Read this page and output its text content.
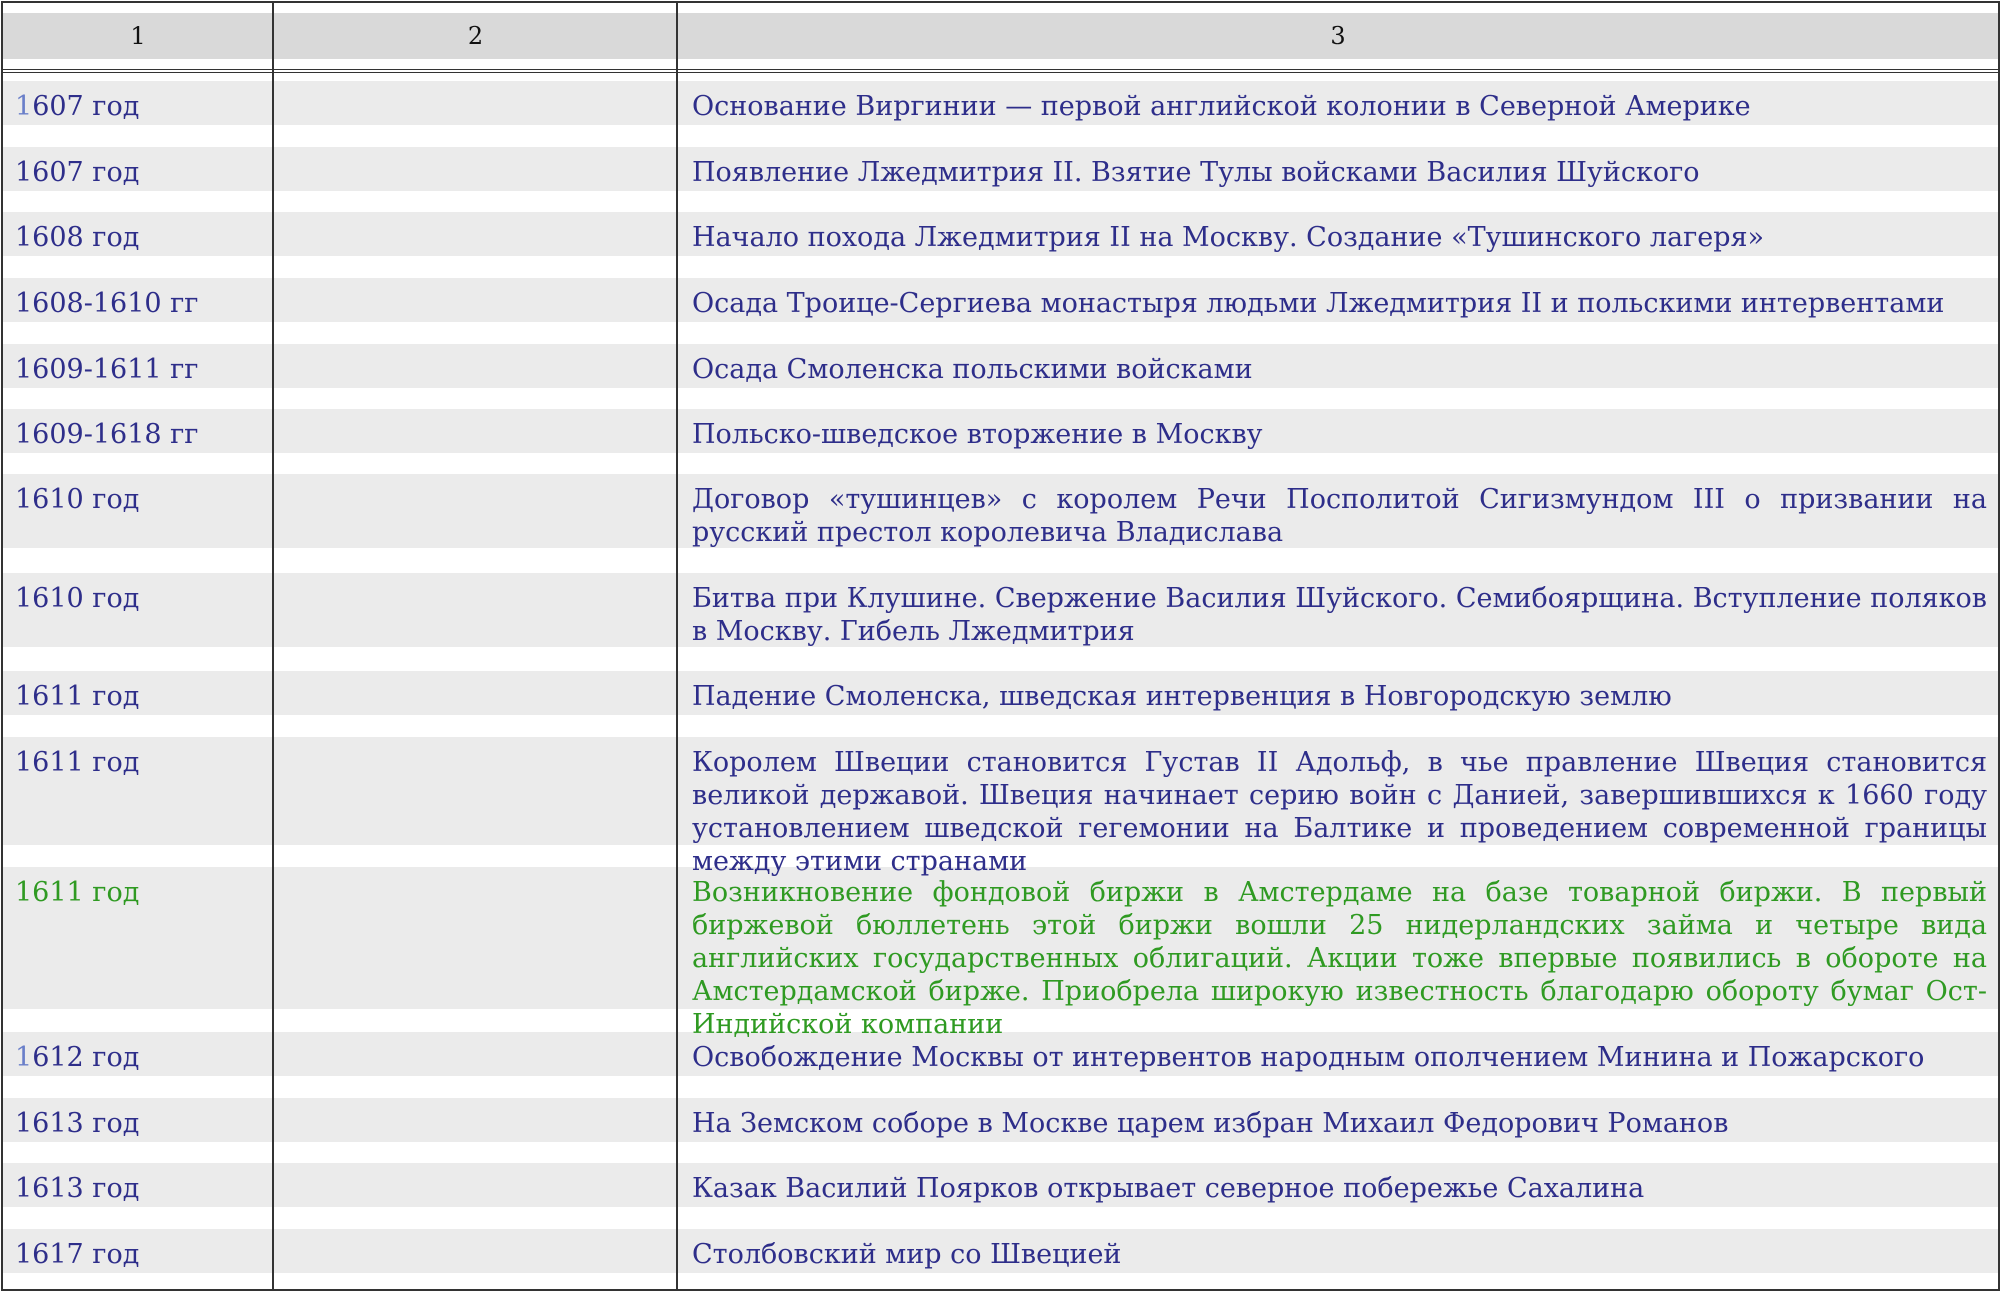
1	2	3
1607 год	Основание Виргинии — первой английской колонии в Северной Америке
1607 год	Появление Лжедмитрия II. Взятие Тулы войсками Василия Шуйского
1608 год	Начало похода Лжедмитрия II на Москву. Создание «Тушинского лагеря»
1608-1610 гг	Осада Троице-Сергиева монастыря людьми Лжедмитрия II и польскими интервентами
1609-1611 гг	Осада Смоленска польскими войсками
1609-1618 гг	Польско-шведское вторжение в Москву
1610 год	Договор «тушинцев» с королем Речи Посполитой Сигизмундом III о призвании на русский престол королевича Владислава
1610 год	Битва при Клушине. Свержение Василия Шуйского. Семибоярщина. Вступление поляков в Москву. Гибель Лжедмитрия
1611 год	Падение Смоленска, шведская интервенция в Новгородскую землю
1611 год	Королем Швеции становится Густав II Адольф, в чье правление Швеция становится великой державой. Швеция начинает серию войн с Данией, завершившихся к 1660 году установлением шведской гегемонии на Балтике и проведением современной границы между этими странами
1611 год	Возникновение фондовой биржи в Амстердаме на базе товарной биржи. В первый биржевой бюллетень этой биржи вошли 25 нидерландских займа и четыре вида английских государственных облигаций. Акции тоже впервые появились в обороте на Амстердамской бирже. Приобрела широкую известность благодарю обороту бумаг Ост-Индийской компании
1612 год	Освобождение Москвы от интервентов народным ополчением Минина и Пожарского
1613 год	На Земском соборе в Москве царем избран Михаил Федорович Романов
1613 год	Казак Василий Поярков открывает северное побережье Сахалина
1617 год	Столбовский мир со Швецией
